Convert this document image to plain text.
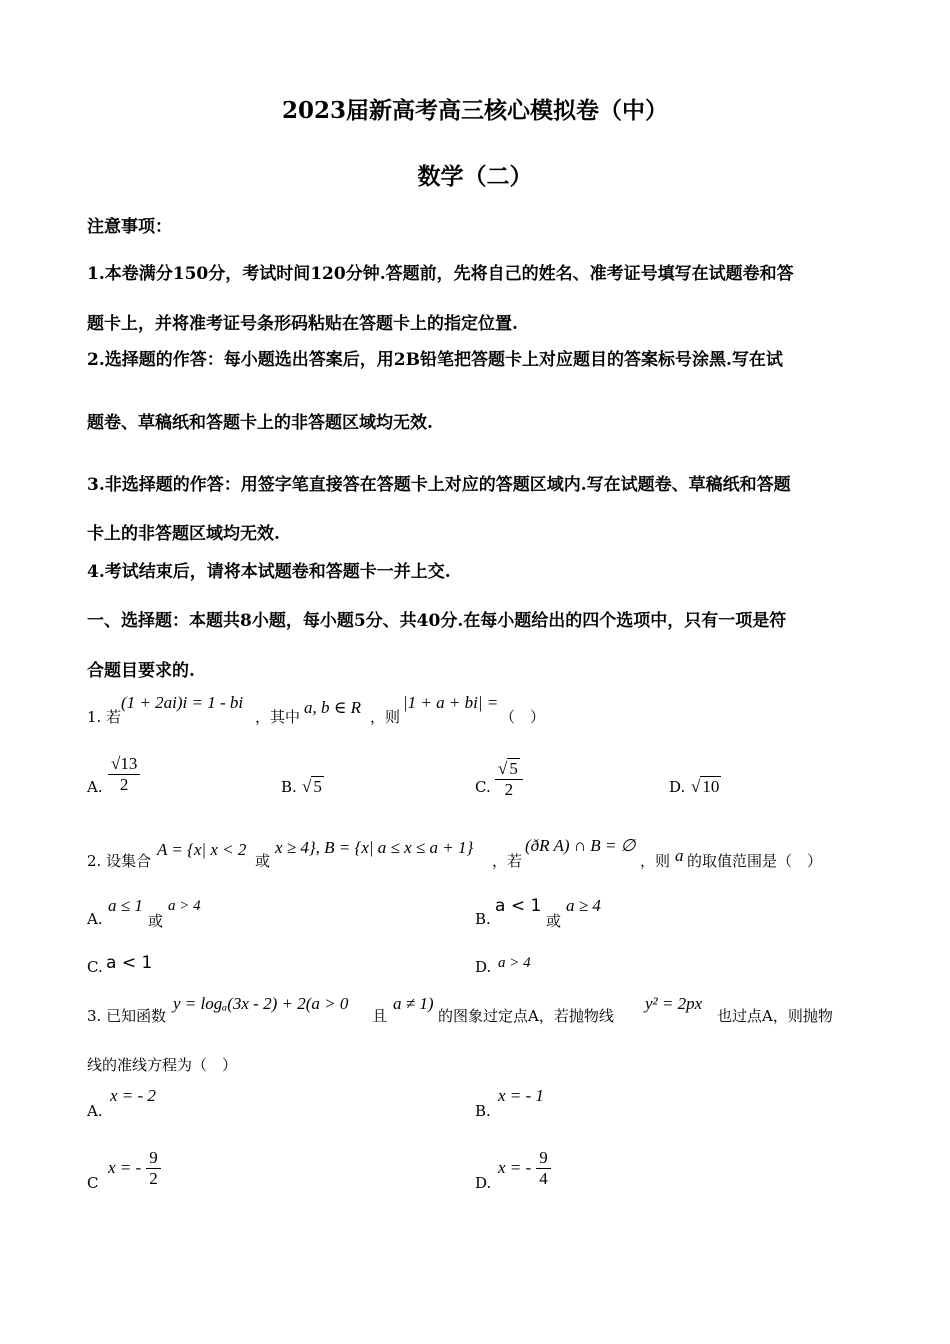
2023届新高考高三核心模拟卷（中）
数学（二）
注意事项：
1.本卷满分150分，考试时间120分钟.答题前，先将自己的姓名、准考证号填写在试题卷和答
题卡上，并将准考证号条形码粘贴在答题卡上的指定位置.
2.选择题的作答：每小题选出答案后，用2B铅笔把答题卡上对应题目的答案标号涂黑.写在试
题卷、草稿纸和答题卡上的非答题区域均无效.
3.非选择题的作答：用签字笔直接答在答题卡上对应的答题区域内.写在试题卷、草稿纸和答题
卡上的非答题区域均无效.
4.考试结束后，请将本试题卷和答题卡一并上交.
一、选择题：本题共8小题，每小题5分、共40分.在每小题给出的四个选项中，只有一项是符
合题目要求的.
1. 若
(1 + 2ai)i = 1 - bi
，其中 a, b ∈ R ，则
|1 + a + bi| =
（　）
A. $\frac{√13}{2}$	B. √ 5	C. $\frac{√ 5}{2}$	D. √ 10
2. 设集合
A = {x| x < 2
或
x ≥ 4}, B = {x| a ≤ x ≤ a + 1}
，若
(ðR A) ∩ B = ∅
，则 a 的取值范围是（　）
A.
a ≤ 1
或
a > 4
B.
a < 1
或
a ≥ 4
C. a < 1	D. a > 4
3. 已知函数
y = logₐ(3x - 2) + 2(a > 0
且
a ≠ 1)
的图象过定点A，若抛物线
y² = 2px
也过点A，则抛物
线的准线方程为（　）
A.
x = - 2
B.
x = - 1
C
x = - $\frac{9}{2}$	D.
x = - $\frac{9}{4}$
